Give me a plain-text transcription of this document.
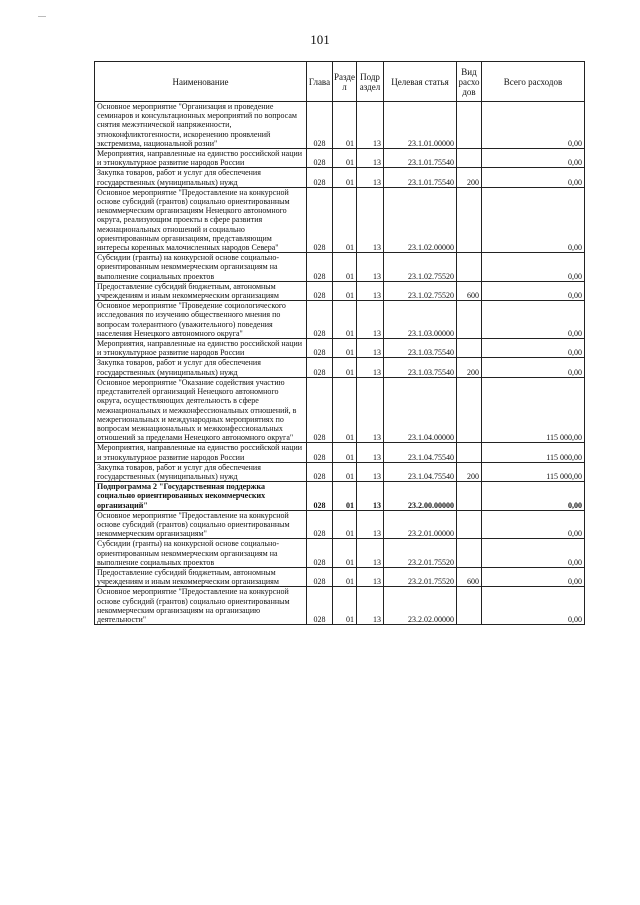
101
Наименование	Глава	Разде л	Подр аздел	Целевая статья	Вид расхо дов	Всего расходов
Основное мероприятие "Организация и проведение семинаров и консультационных мероприятий по вопросам снятия межэтнической напряженности, этноконфликтогенности, искоренению проявлений экстремизма, национальной розни"	028	01	13	23.1.01.00000		0,00
Мероприятия, направленные на единство российской нации и этнокультурное развитие народов России	028	01	13	23.1.01.75540		0,00
Закупка товаров, работ и услуг для обеспечения государственных (муниципальных) нужд	028	01	13	23.1.01.75540	200	0,00
Основное мероприятие "Предоставление на конкурсной основе субсидий (грантов) социально ориентированным некоммерческим организациям Ненецкого автономного округа, реализующим проекты в сфере развития межнациональных отношений и социально ориентированным организациям, представляющим интересы коренных малочисленных народов Севера"	028	01	13	23.1.02.00000		0,00
Субсидии (гранты) на конкурсной основе социально-ориентированным некоммерческим организациям на выполнение социальных проектов	028	01	13	23.1.02.75520		0,00
Предоставление субсидий бюджетным, автономным учреждениям и иным некоммерческим организациям	028	01	13	23.1.02.75520	600	0,00
Основное мероприятие "Проведение социологического исследования по изучению общественного мнения по вопросам толерантного (уважительного) поведения населения Ненецкого автономного округа"	028	01	13	23.1.03.00000		0,00
Мероприятия, направленные на единство российской нации и этнокультурное развитие народов России	028	01	13	23.1.03.75540		0,00
Закупка товаров, работ и услуг для обеспечения государственных (муниципальных) нужд	028	01	13	23.1.03.75540	200	0,00
Основное мероприятие "Оказание содействия участию представителей организаций Ненецкого автономного округа, осуществляющих деятельность в сфере межнациональных и межконфессиональных отношений, в межрегиональных и международных мероприятиях по вопросам межнациональных и межконфессиональных отношений за пределами Ненецкого автономного округа"	028	01	13	23.1.04.00000		115 000,00
Мероприятия, направленные на единство российской нации и этнокультурное развитие народов России	028	01	13	23.1.04.75540		115 000,00
Закупка товаров, работ и услуг для обеспечения государственных (муниципальных) нужд	028	01	13	23.1.04.75540	200	115 000,00
Подпрограмма 2 "Государственная поддержка социально ориентированных некоммерческих организаций"	028	01	13	23.2.00.00000		0,00
Основное мероприятие "Предоставление на конкурсной основе субсидий (грантов) социально ориентированным некоммерческим организациям"	028	01	13	23.2.01.00000		0,00
Субсидии (гранты) на конкурсной основе социально-ориентированным некоммерческим организациям на выполнение социальных проектов	028	01	13	23.2.01.75520		0,00
Предоставление субсидий бюджетным, автономным учреждениям и иным некоммерческим организациям	028	01	13	23.2.01.75520	600	0,00
Основное мероприятие "Предоставление на конкурсной основе субсидий (грантов) социально ориентированным некоммерческим организациям на организацию деятельности"	028	01	13	23.2.02.00000		0,00
